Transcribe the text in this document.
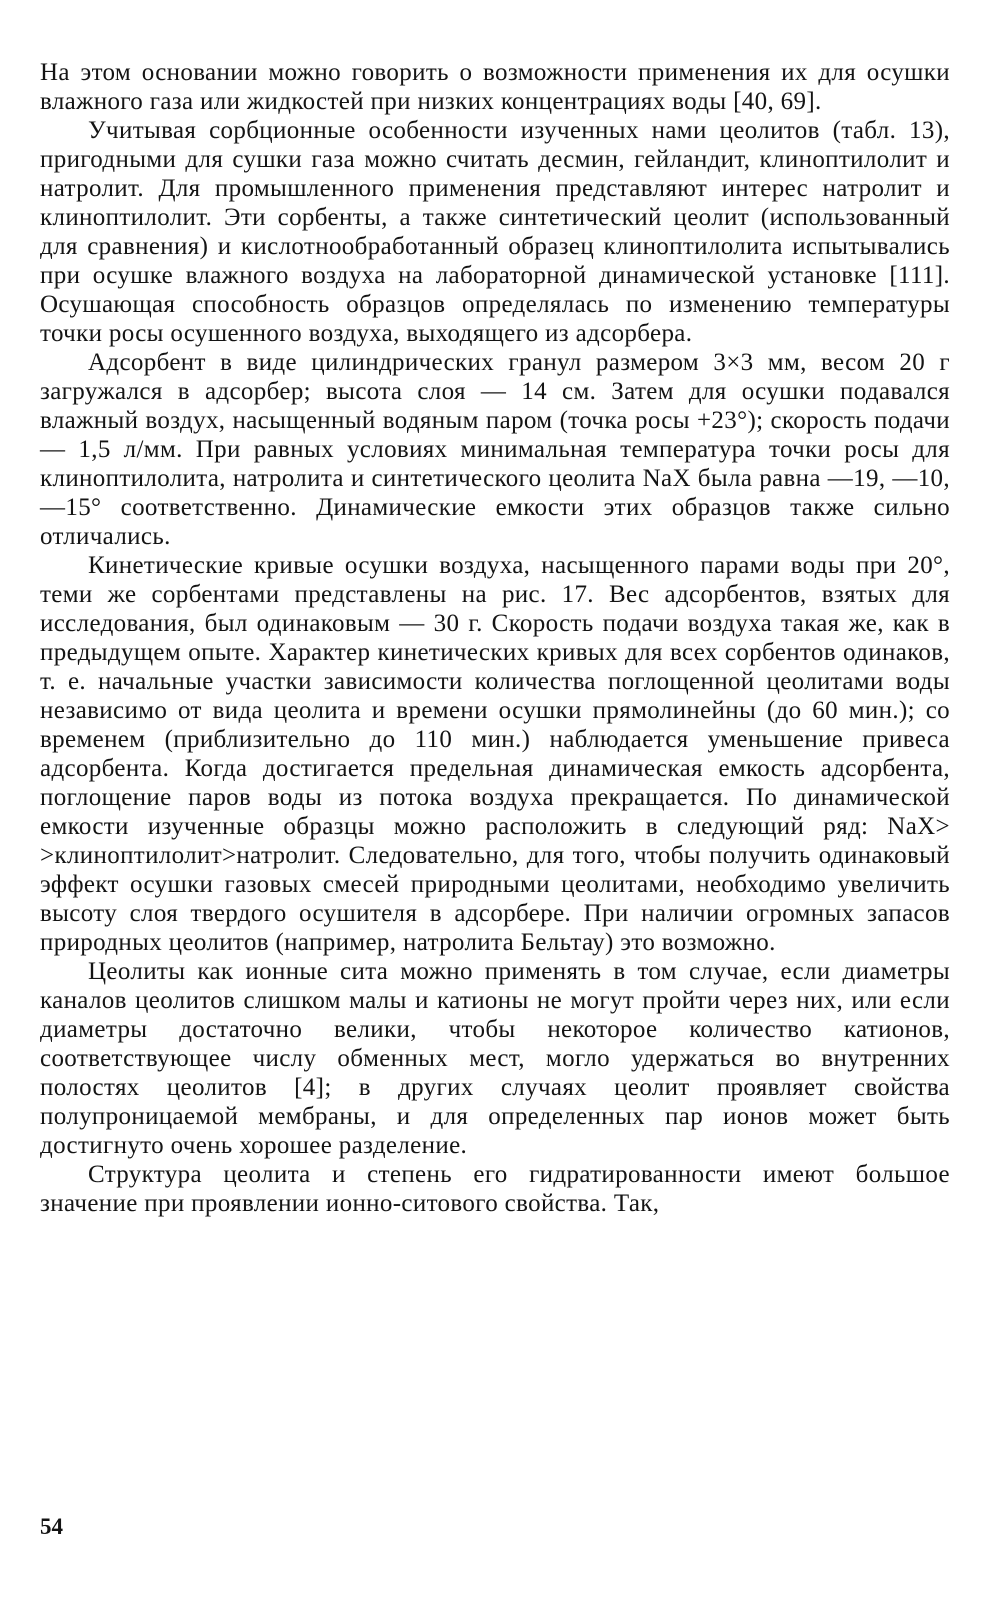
На этом основании можно говорить о возможности применения их для осушки влажного газа или жидкостей при низких концентрациях воды [40, 69].

Учитывая сорбционные особенности изученных нами цеолитов (табл. 13), пригодными для сушки газа можно считать десмин, гейландит, клиноптилолит и натролит. Для промышленного применения представляют интерес натролит и клиноптилолит. Эти сорбенты, а также синтетический цеолит (использованный для сравнения) и кислотнообработанный образец клиноптилолита испытывались при осушке влажного воздуха на лабораторной динамической установке [111]. Осушающая способность образцов определялась по изменению температуры точки росы осушенного воздуха, выходящего из адсорбера.

Адсорбент в виде цилиндрических гранул размером 3×3 мм, весом 20 г загружался в адсорбер; высота слоя — 14 см. Затем для осушки подавался влажный воздух, насыщенный водяным паром (точка росы +23°); скорость подачи — 1,5 л/мм. При равных условиях минимальная температура точки росы для клиноптилолита, натролита и синтетического цеолита NaX была равна —19, —10, —15° соответственно. Динамические емкости этих образцов также сильно отличались.

Кинетические кривые осушки воздуха, насыщенного парами воды при 20°, теми же сорбентами представлены на рис. 17. Вес адсорбентов, взятых для исследования, был одинаковым — 30 г. Скорость подачи воздуха такая же, как в предыдущем опыте. Характер кинетических кривых для всех сорбентов одинаков, т. е. начальные участки зависимости количества поглощенной цеолитами воды независимо от вида цеолита и времени осушки прямолинейны (до 60 мин.); со временем (приблизительно до 110 мин.) наблюдается уменьшение привеса адсорбента. Когда достигается предельная динамическая емкость адсорбента, поглощение паров воды из потока воздуха прекращается. По динамической емкости изученные образцы можно расположить в следующий ряд: NaX> >клиноптилолит>натролит. Следовательно, для того, чтобы получить одинаковый эффект осушки газовых смесей природными цеолитами, необходимо увеличить высоту слоя твердого осушителя в адсорбере. При наличии огромных запасов природных цеолитов (например, натролита Бельтау) это возможно.

Цеолиты как ионные сита можно применять в том случае, если диаметры каналов цеолитов слишком малы и катионы не могут пройти через них, или если диаметры достаточно велики, чтобы некоторое количество катионов, соответствующее числу обменных мест, могло удержаться во внутренних полостях цеолитов [4]; в других случаях цеолит проявляет свойства полупроницаемой мембраны, и для определенных пар ионов может быть достигнуто очень хорошее разделение.

Структура цеолита и степень его гидратированности имеют большое значение при проявлении ионно-ситового свойства. Так,

54
